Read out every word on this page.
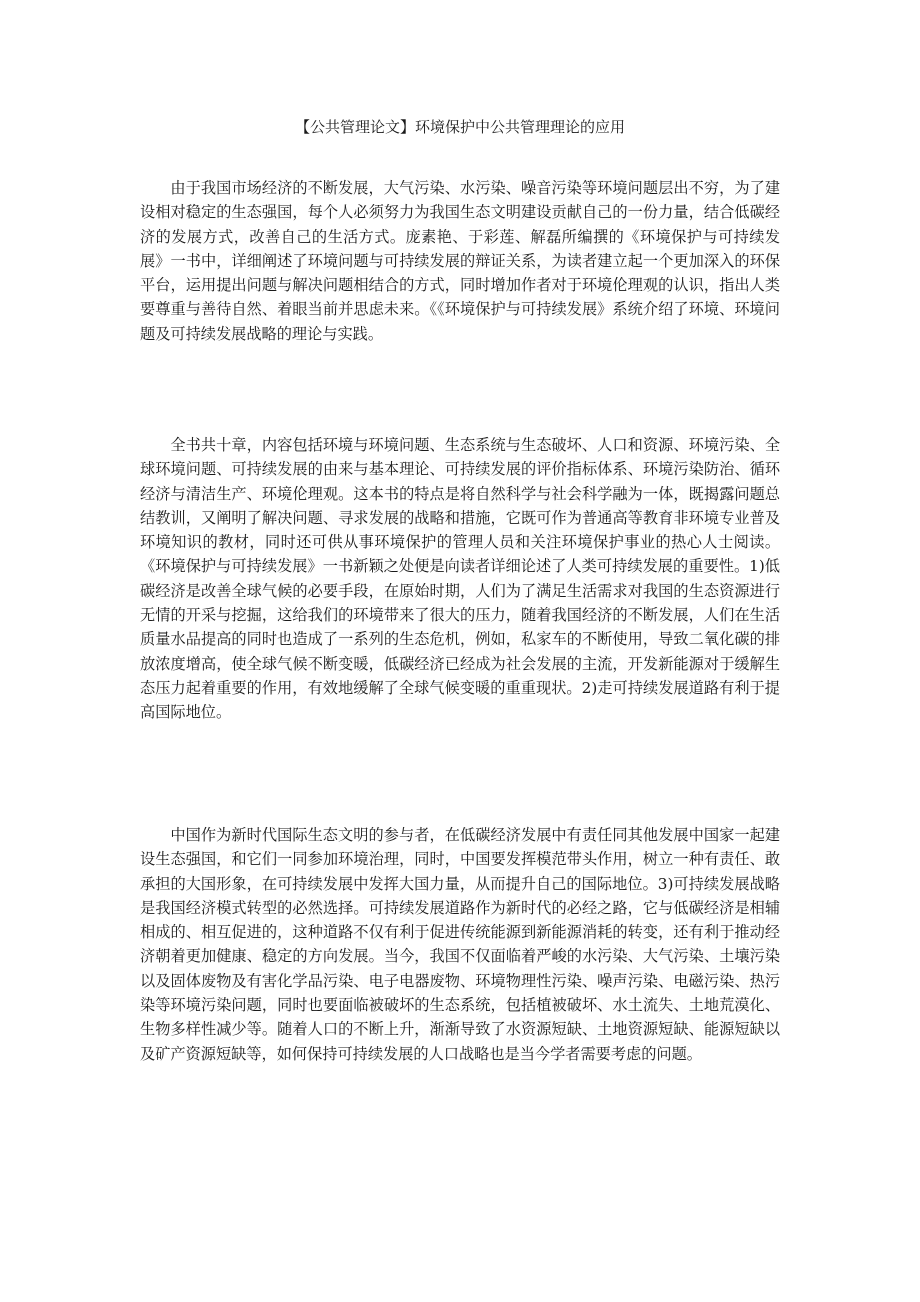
【公共管理论文】环境保护中公共管理理论的应用

由于我国市场经济的不断发展，大气污染、水污染、噪音污染等环境问题层出不穷，为了建设相对稳定的生态强国，每个人必须努力为我国生态文明建设贡献自己的一份力量，结合低碳经济的发展方式，改善自己的生活方式。庞素艳、于彩莲、解磊所编撰的《环境保护与可持续发展》一书中，详细阐述了环境问题与可持续发展的辩证关系，为读者建立起一个更加深入的环保平台，运用提出问题与解决问题相结合的方式，同时增加作者对于环境伦理观的认识，指出人类要尊重与善待自然、着眼当前并思虑未来。《《环境保护与可持续发展》系统介绍了环境、环境问题及可持续发展战略的理论与实践。

全书共十章，内容包括环境与环境问题、生态系统与生态破坏、人口和资源、环境污染、全球环境问题、可持续发展的由来与基本理论、可持续发展的评价指标体系、环境污染防治、循环经济与清洁生产、环境伦理观。这本书的特点是将自然科学与社会科学融为一体，既揭露问题总结教训，又阐明了解决问题、寻求发展的战略和措施，它既可作为普通高等教育非环境专业普及环境知识的教材，同时还可供从事环境保护的管理人员和关注环境保护事业的热心人士阅读。《环境保护与可持续发展》一书新颖之处便是向读者详细论述了人类可持续发展的重要性。1)低碳经济是改善全球气候的必要手段，在原始时期，人们为了满足生活需求对我国的生态资源进行无情的开采与挖掘，这给我们的环境带来了很大的压力，随着我国经济的不断发展，人们在生活质量水品提高的同时也造成了一系列的生态危机，例如，私家车的不断使用，导致二氧化碳的排放浓度增高，使全球气候不断变暖，低碳经济已经成为社会发展的主流，开发新能源对于缓解生态压力起着重要的作用，有效地缓解了全球气候变暖的重重现状。2)走可持续发展道路有利于提高国际地位。

中国作为新时代国际生态文明的参与者，在低碳经济发展中有责任同其他发展中国家一起建设生态强国，和它们一同参加环境治理，同时，中国要发挥模范带头作用，树立一种有责任、敢承担的大国形象，在可持续发展中发挥大国力量，从而提升自己的国际地位。3)可持续发展战略是我国经济模式转型的必然选择。可持续发展道路作为新时代的必经之路，它与低碳经济是相辅相成的、相互促进的，这种道路不仅有利于促进传统能源到新能源消耗的转变，还有利于推动经济朝着更加健康、稳定的方向发展。当今，我国不仅面临着严峻的水污染、大气污染、土壤污染以及固体废物及有害化学品污染、电子电器废物、环境物理性污染、噪声污染、电磁污染、热污染等环境污染问题，同时也要面临被破坏的生态系统，包括植被破坏、水土流失、土地荒漠化、生物多样性减少等。随着人口的不断上升，渐渐导致了水资源短缺、土地资源短缺、能源短缺以及矿产资源短缺等，如何保持可持续发展的人口战略也是当今学者需要考虑的问题。
